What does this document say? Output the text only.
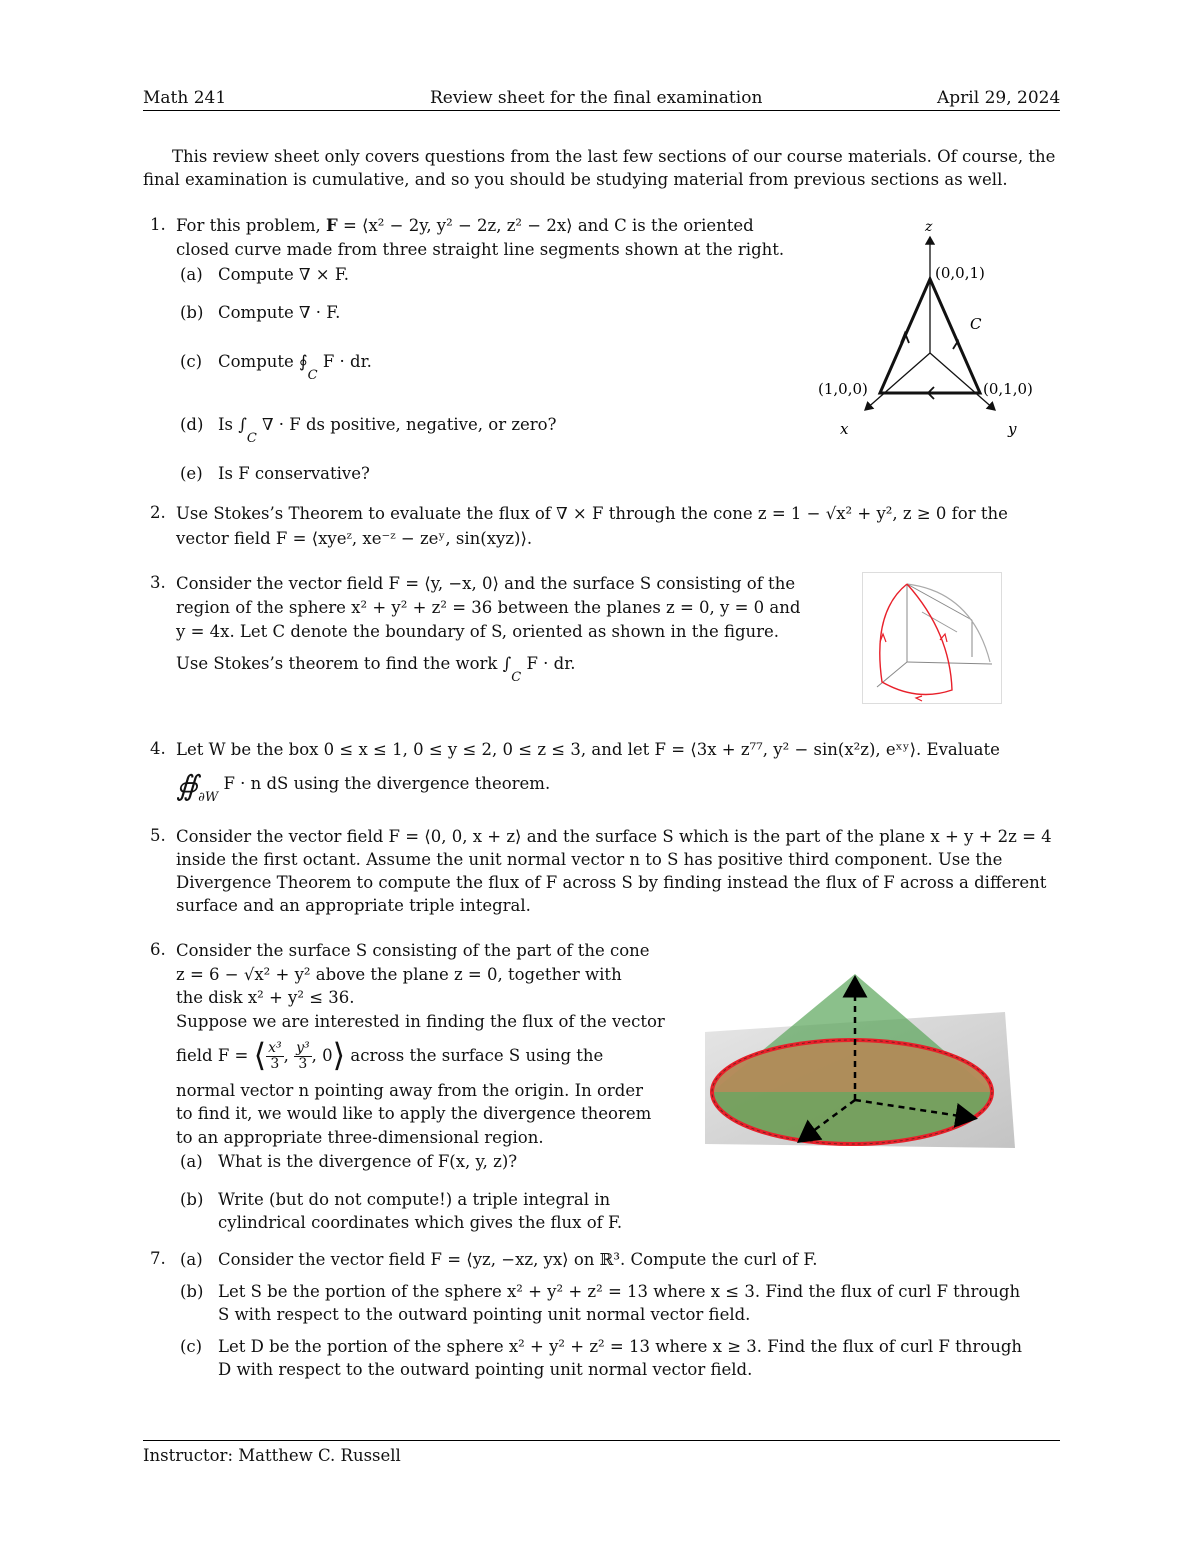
Math 241	Review sheet for the final examination	April 29, 2024
This review sheet only covers questions from the last few sections of our course materials. Of course, the
final examination is cumulative, and so you should be studying material from previous sections as well.
1. For this problem, F = ⟨x² − 2y, y² − 2z, z² − 2x⟩ and C is the oriented
closed curve made from three straight line segments shown at the right.
(a) Compute ∇ × F.
(b) Compute ∇ · F.
(c) Compute $∮_C$ F · dr.
(d) Is $\int_C$ ∇ · F ds positive, negative, or zero?
(e) Is F conservative?
z
(0,0,1)
C
(1,0,0)	(0,1,0)
x	y
2. Use Stokes’s Theorem to evaluate the flux of ∇ × F through the cone z = 1 − √x² + y², z ≥ 0 for the
vector field F = ⟨xyeᶻ, xe⁻ᶻ − zeʸ, sin(xyz)⟩.
3. Consider the vector field F = ⟨y, −x, 0⟩ and the surface S consisting of the
region of the sphere x² + y² + z² = 36 between the planes z = 0, y = 0 and
y = 4x. Let C denote the boundary of S, oriented as shown in the figure.
Use Stokes’s theorem to find the work $\int_C$ F · dr.
4. Let W be the box 0 ≤ x ≤ 1, 0 ≤ y ≤ 2, 0 ≤ z ≤ 3, and let F = ⟨3x + z⁷⁷, y² − sin(x²z), eˣʸ⟩. Evaluate
$∯_{\partial W}$ F · n dS using the divergence theorem.
5. Consider the vector field F = ⟨0, 0, x + z⟩ and the surface S which is the part of the plane x + y + 2z = 4
inside the first octant. Assume the unit normal vector n to S has positive third component. Use the
Divergence Theorem to compute the flux of F across S by finding instead the flux of F across a different
surface and an appropriate triple integral.
6. Consider the surface S consisting of the part of the cone
z = 6 − √x² + y² above the plane z = 0, together with
the disk x² + y² ≤ 36.
Suppose we are interested in finding the flux of the vector
field F = ⟨ $\frac{\text{x³}}{3}$ , $\frac{\text{y³}}{3}$ , 0⟩ across the surface S using the
normal vector n pointing away from the origin. In order
to find it, we would like to apply the divergence theorem
to an appropriate three-dimensional region.
(a) What is the divergence of F(x, y, z)?
(b) Write (but do not compute!) a triple integral in
cylindrical coordinates which gives the flux of F.
7. (a) Consider the vector field F = ⟨yz, −xz, yx⟩ on ℝ³. Compute the curl of F.
(b) Let S be the portion of the sphere x² + y² + z² = 13 where x ≤ 3. Find the flux of curl F through
S with respect to the outward pointing unit normal vector field.
(c) Let D be the portion of the sphere x² + y² + z² = 13 where x ≥ 3. Find the flux of curl F through
D with respect to the outward pointing unit normal vector field.
Instructor: Matthew C. Russell
